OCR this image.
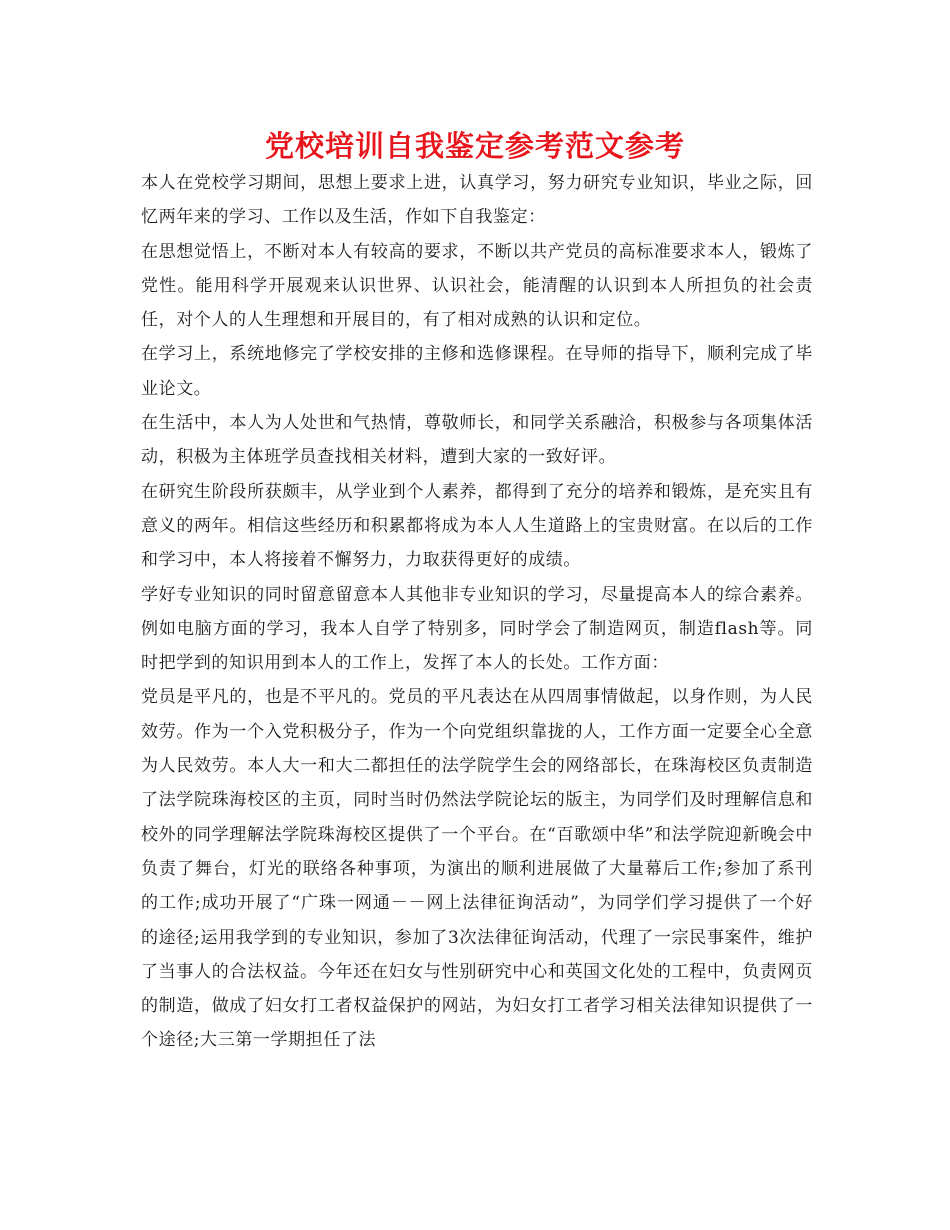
党校培训自我鉴定参考范文参考

本人在党校学习期间，思想上要求上进，认真学习，努力研究专业知识，毕业之际，回忆两年来的学习、工作以及生活，作如下自我鉴定：

在思想觉悟上，不断对本人有较高的要求，不断以共产党员的高标准要求本人，锻炼了党性。能用科学开展观来认识世界、认识社会，能清醒的认识到本人所担负的社会责任，对个人的人生理想和开展目的，有了相对成熟的认识和定位。

在学习上，系统地修完了学校安排的主修和选修课程。在导师的指导下，顺利完成了毕业论文。

在生活中，本人为人处世和气热情，尊敬师长，和同学关系融洽，积极参与各项集体活动，积极为主体班学员查找相关材料，遭到大家的一致好评。

在研究生阶段所获颇丰，从学业到个人素养，都得到了充分的培养和锻炼，是充实且有意义的两年。相信这些经历和积累都将成为本人人生道路上的宝贵财富。在以后的工作和学习中，本人将接着不懈努力，力取获得更好的成绩。

学好专业知识的同时留意留意本人其他非专业知识的学习，尽量提高本人的综合素养。例如电脑方面的学习，我本人自学了特别多，同时学会了制造网页，制造flash等。同时把学到的知识用到本人的工作上，发挥了本人的长处。工作方面：

党员是平凡的，也是不平凡的。党员的平凡表达在从四周事情做起，以身作则，为人民效劳。作为一个入党积极分子，作为一个向党组织靠拢的人，工作方面一定要全心全意为人民效劳。本人大一和大二都担任的法学院学生会的网络部长，在珠海校区负责制造了法学院珠海校区的主页，同时当时仍然法学院论坛的版主，为同学们及时理解信息和校外的同学理解法学院珠海校区提供了一个平台。在“百歌颂中华”和法学院迎新晚会中负责了舞台，灯光的联络各种事项，为演出的顺利进展做了大量幕后工作;参加了系刊的工作;成功开展了“广珠一网通－－网上法律征询活动”，为同学们学习提供了一个好的途径;运用我学到的专业知识，参加了3次法律征询活动，代理了一宗民事案件，维护了当事人的合法权益。今年还在妇女与性别研究中心和英国文化处的工程中，负责网页的制造，做成了妇女打工者权益保护的网站，为妇女打工者学习相关法律知识提供了一个途径;大三第一学期担任了法
